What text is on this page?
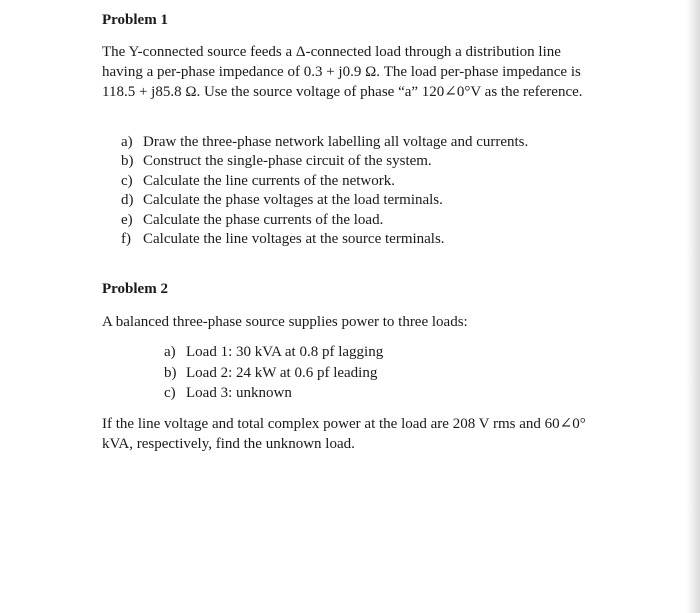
Problem 1
The Y-connected source feeds a Δ-connected load through a distribution line
having a per-phase impedance of 0.3 + j0.9 Ω. The load per-phase impedance is
118.5 + j85.8 Ω. Use the source voltage of phase “a” 120∠0°V as the reference.
a) Draw the three-phase network labelling all voltage and currents.
b) Construct the single-phase circuit of the system.
c) Calculate the line currents of the network.
d) Calculate the phase voltages at the load terminals.
e) Calculate the phase currents of the load.
f) Calculate the line voltages at the source terminals.
Problem 2
A balanced three-phase source supplies power to three loads:
a) Load 1: 30 kVA at 0.8 pf lagging
b) Load 2: 24 kW at 0.6 pf leading
c) Load 3: unknown
If the line voltage and total complex power at the load are 208 V rms and 60∠0°
kVA, respectively, find the unknown load.
